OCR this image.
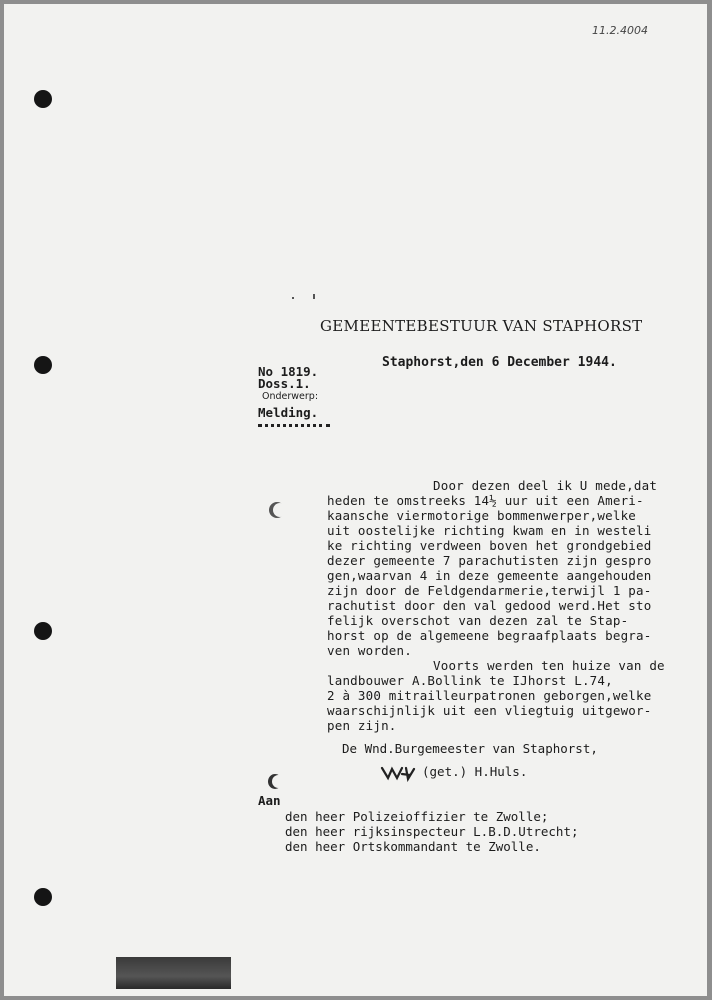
11.2.4004
GEMEENTEBESTUUR VAN STAPHORST
Staphorst,den 6 December 1944.
No 1819.
Doss.1.
Onderwerp:
Melding.
Door dezen deel ik U mede,dat
heden te omstreeks 14½ uur uit een Ameri-
kaansche viermotorige bommenwerper,welke
uit oostelijke richting kwam en in westeli
ke richting verdween boven het grondgebied
dezer gemeente 7 parachutisten zijn gespro
gen,waarvan 4 in deze gemeente aangehouden
zijn door de Feldgendarmerie,terwijl 1 pa-
rachutist door den val gedood werd.Het sto
felijk overschot van dezen zal te Stap-
horst op de algemeene begraafplaats begra-
ven worden.
Voorts werden ten huize van de
landbouwer A.Bollink te IJhorst L.74,
2 à 300 mitrailleurpatronen geborgen,welke
waarschijnlijk uit een vliegtuig uitgewor-
pen zijn.
De Wnd.Burgemeester van Staphorst,
(get.) H.Huls.
Aan
den heer Polizeioffizier te Zwolle;
den heer rijksinspecteur L.B.D.Utrecht;
den heer Ortskommandant te Zwolle.
